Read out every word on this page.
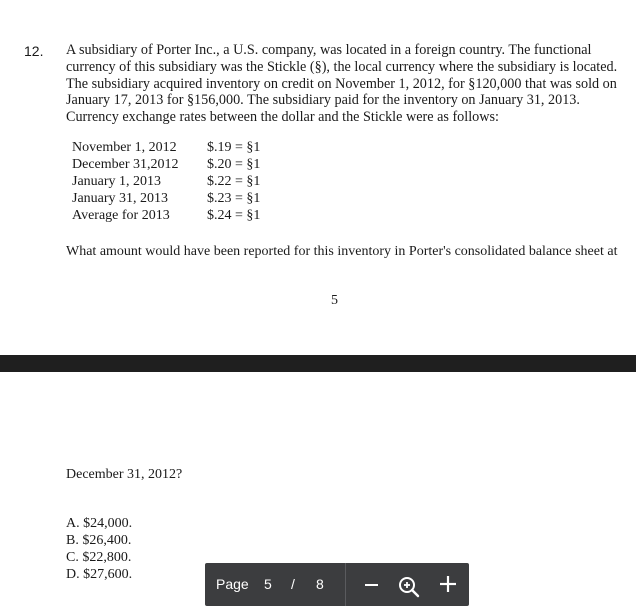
12. A subsidiary of Porter Inc., a U.S. company, was located in a foreign country. The functional
currency of this subsidiary was the Stickle (§), the local currency where the subsidiary is located.
The subsidiary acquired inventory on credit on November 1, 2012, for §120,000 that was sold on
January 17, 2013 for §156,000. The subsidiary paid for the inventory on January 31, 2013.
Currency exchange rates between the dollar and the Stickle were as follows:
November 1, 2012	$.19 = §1
December 31,2012	$.20 = §1
January 1, 2013	$.22 = §1
January 31, 2013	$.23 = §1
Average for 2013	$.24 = §1
What amount would have been reported for this inventory in Porter's consolidated balance sheet at
5
December 31, 2012?
A. $24,000.
B. $26,400.
C. $22,800.
D. $27,600.
Page 5 / 8
